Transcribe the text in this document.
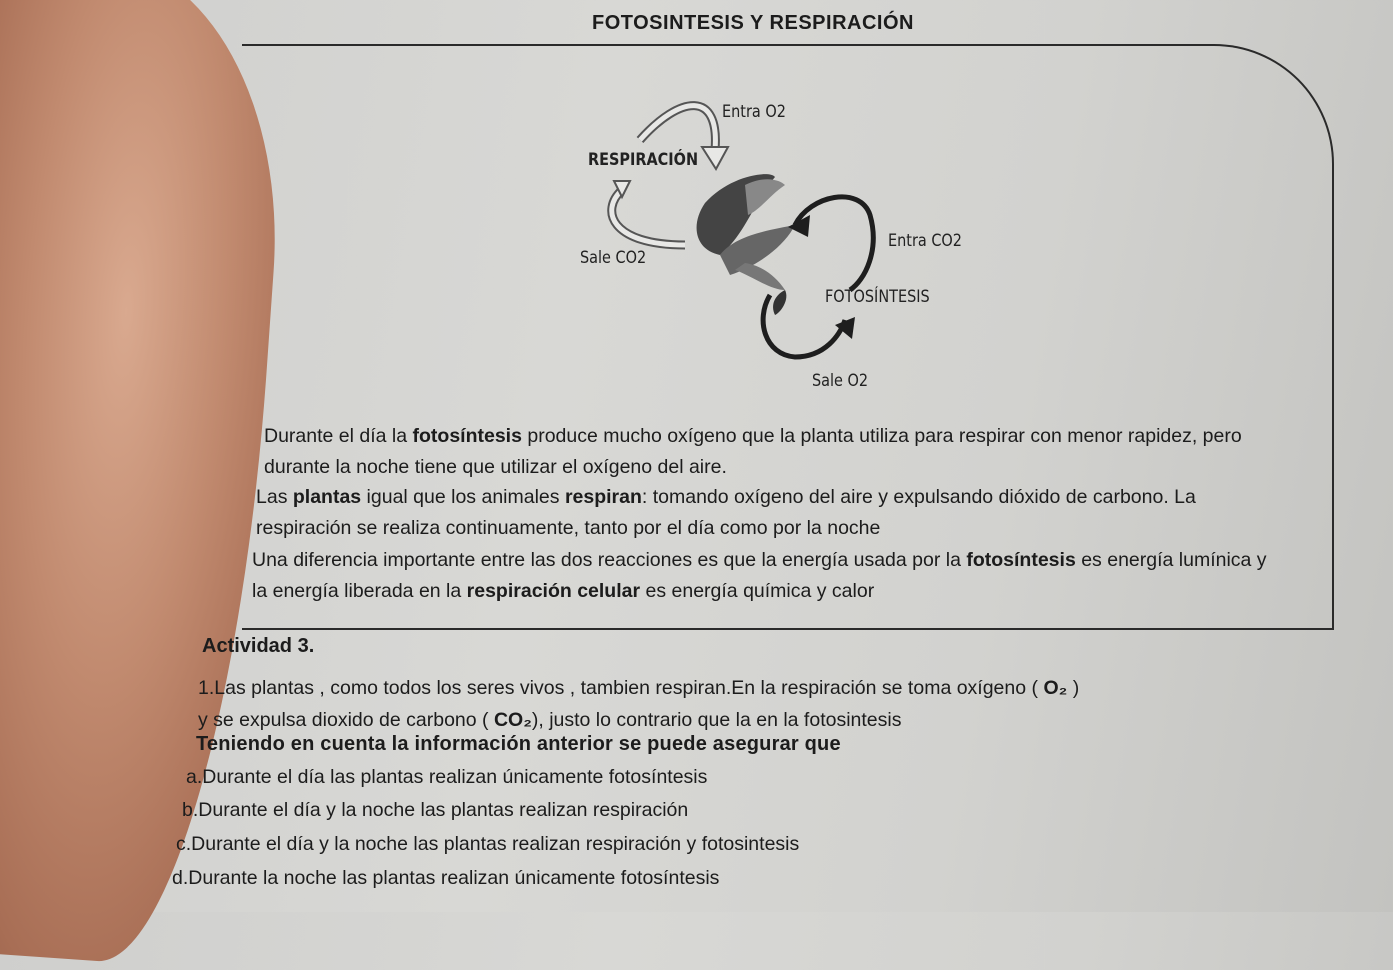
FOTOSINTESIS Y RESPIRACIÓN
Entra O2
RESPIRACIÓN
Sale CO2
Entra CO2
FOTOSÍNTESIS
Sale O2
Durante el día la fotosíntesis produce mucho oxígeno que la planta utiliza para respirar con menor rapidez, pero durante la noche tiene que utilizar el oxígeno del aire.
Las plantas igual que los animales respiran: tomando oxígeno del aire y expulsando dióxido de carbono. La respiración se realiza continuamente, tanto por el día como por la noche
Una diferencia importante entre las dos reacciones es que la energía usada por la fotosíntesis es energía lumínica y la energía liberada en la respiración celular es energía química y calor
Actividad 3.
1.Las plantas , como todos los seres vivos , tambien respiran.En la respiración se toma oxígeno ( O₂ )
y se expulsa dioxido de carbono ( CO₂), justo lo contrario que la en la fotosintesis
Teniendo en cuenta la información anterior se puede asegurar que
a.Durante el día las plantas realizan únicamente fotosíntesis
b.Durante el día y la noche las plantas realizan respiración
c.Durante el día y la noche las plantas realizan respiración y fotosintesis
d.Durante la noche las plantas realizan únicamente fotosíntesis
